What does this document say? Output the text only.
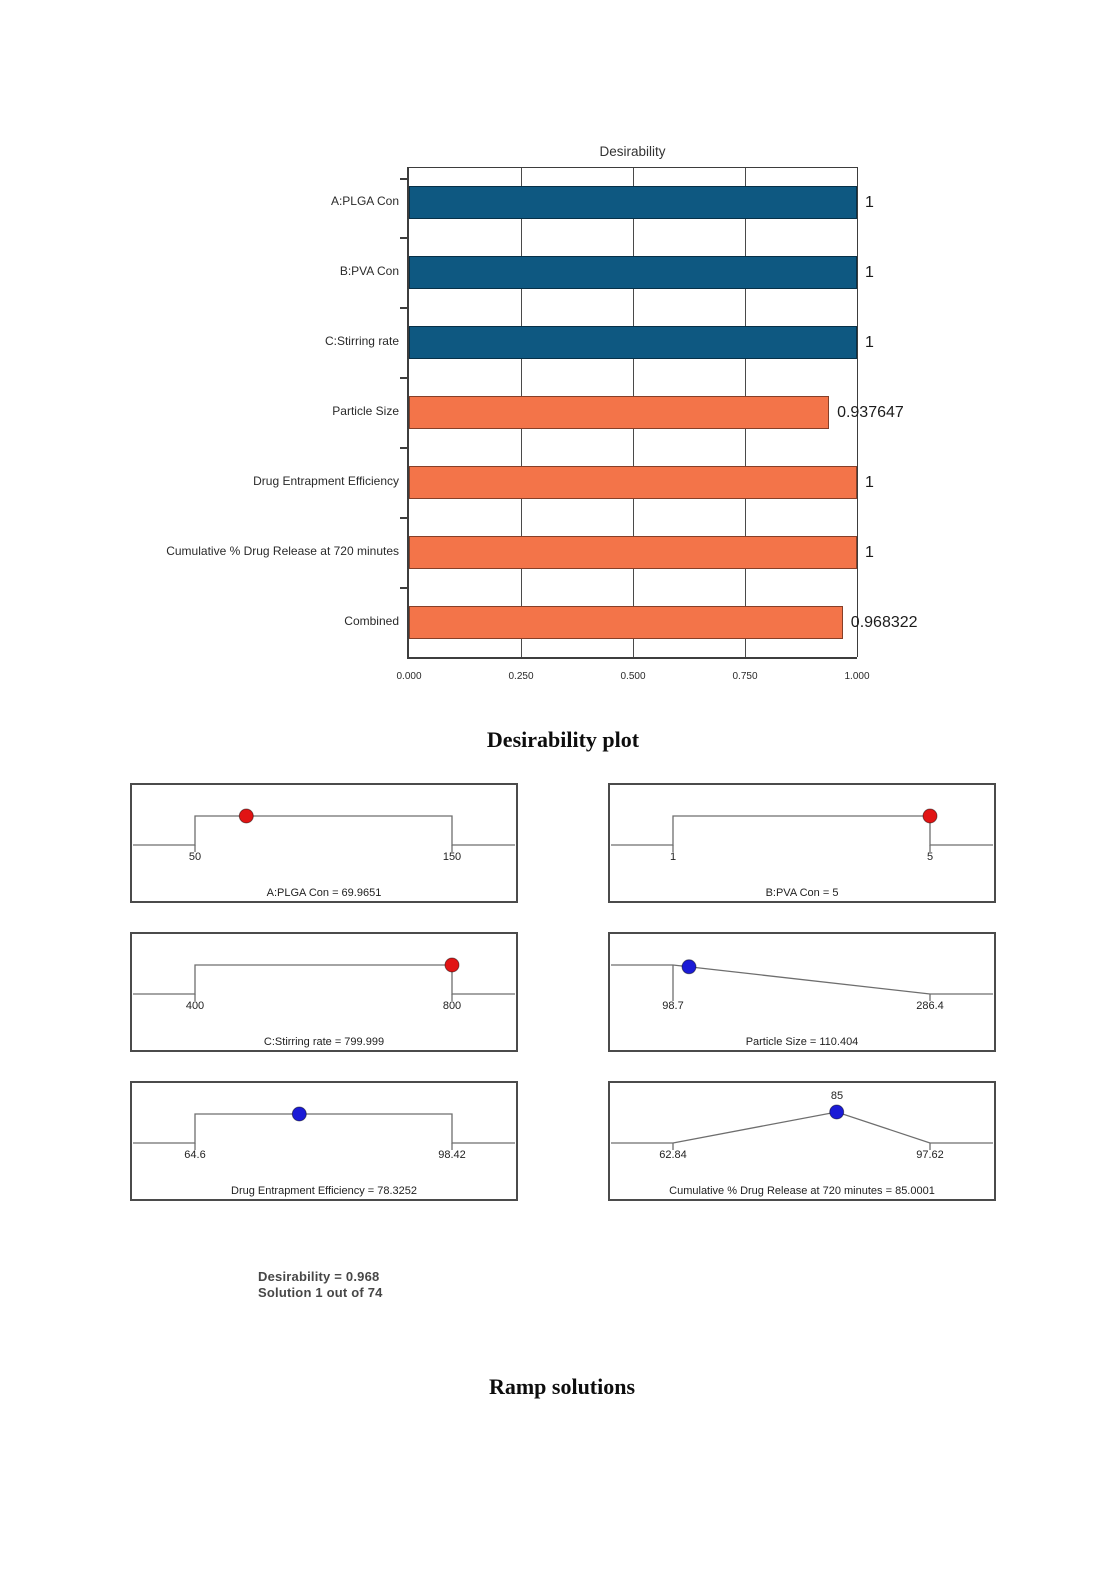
A:PLGA Con
B:PVA Con
C:Stirring rate
Particle Size
Drug Entrapment Efficiency
Cumulative % Drug Release at 720 minutes
Combined
Desirability
1
1
1
0.937647
1
1
0.968322
0.000	0.250	0.500	0.750	1.000
Desirability plot
50	150
A:PLGA Con = 69.9651
1	5
B:PVA Con = 5
400	800
C:Stirring rate = 799.999
98.7	286.4
Particle Size = 110.404
64.6	98.42
Drug Entrapment Efficiency = 78.3252
85
62.84	97.62
Cumulative % Drug Release at 720 minutes = 85.0001
Desirability = 0.968
Solution 1 out of 74
Ramp solutions
